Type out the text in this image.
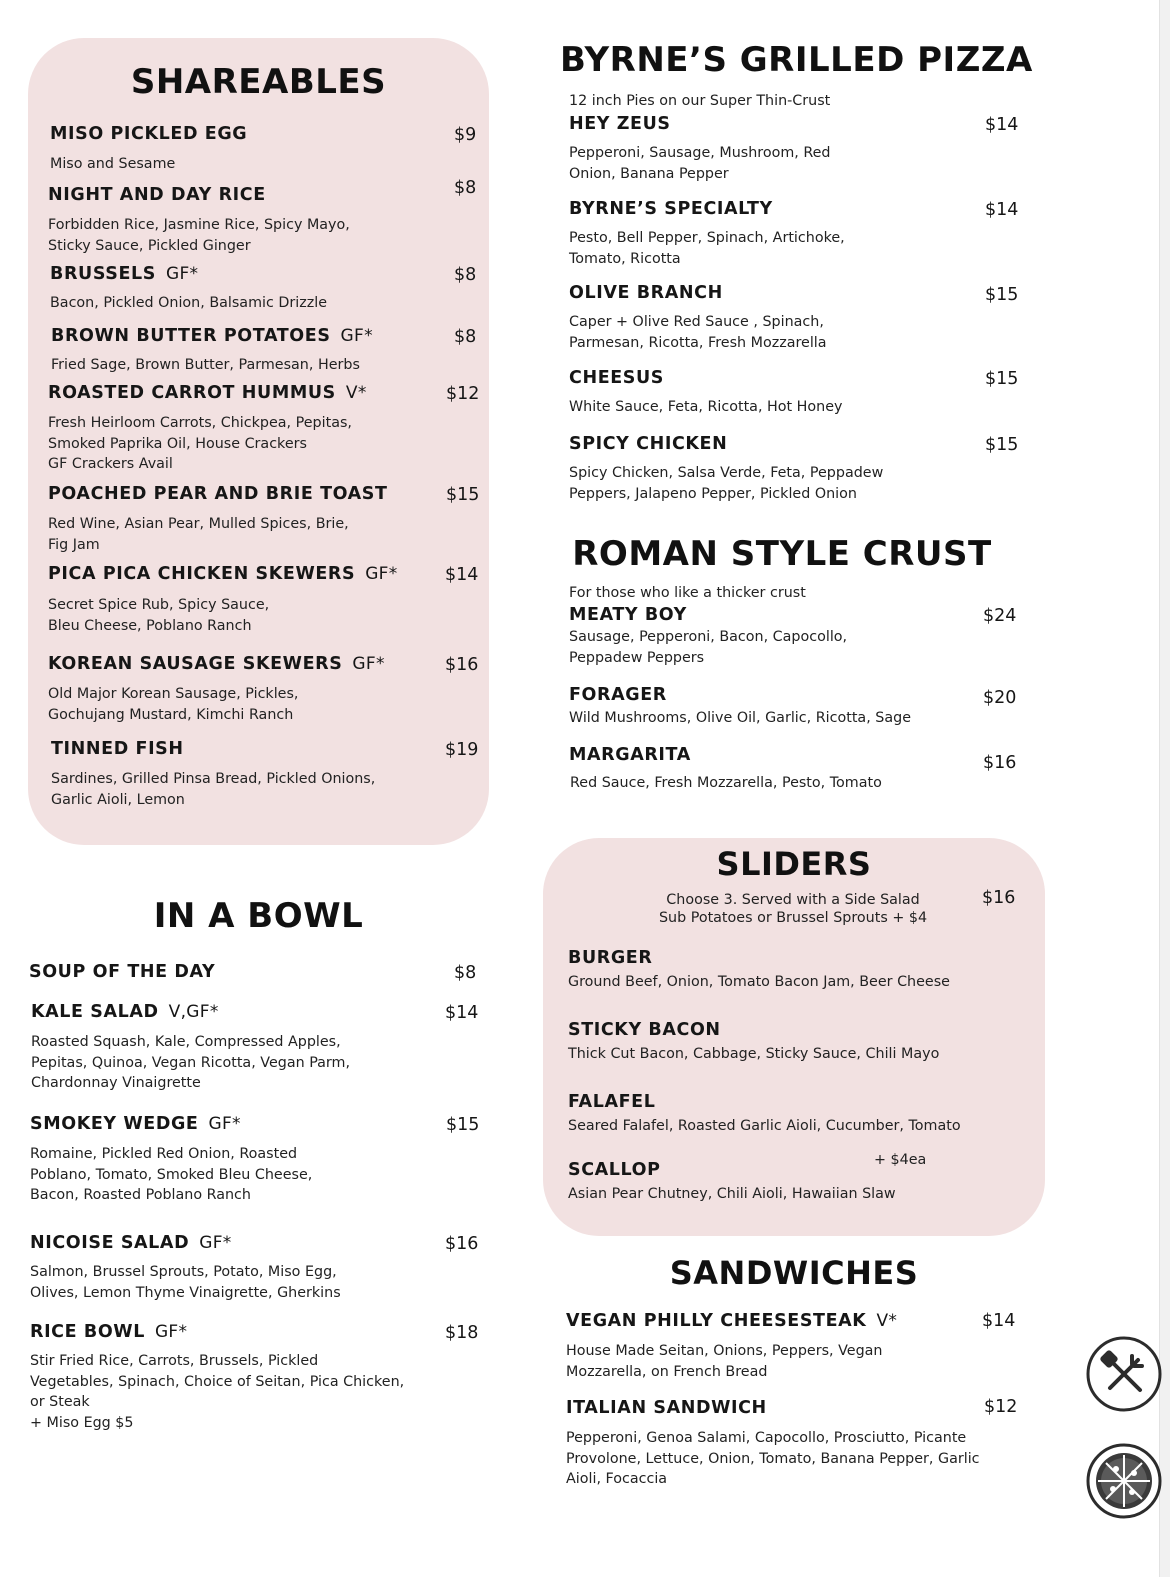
SHAREABLES
IN A BOWL
BYRNE’S GRILLED PIZZA
ROMAN STYLE CRUST
SLIDERS
SANDWICHES
12 inch Pies on our Super Thin-Crust
For those who like a thicker crust
Choose 3. Served with a Side Salad
Sub Potatoes or Brussel Sprouts + $4
$16
MISO PICKLED EGG	$9
Miso and Sesame
NIGHT AND DAY RICE	$8
Forbidden Rice, Jasmine Rice, Spicy Mayo,
Sticky Sauce, Pickled Ginger
BRUSSELS GF*	$8
Bacon, Pickled Onion, Balsamic Drizzle
BROWN BUTTER POTATOES GF*	$8
Fried Sage, Brown Butter, Parmesan, Herbs
ROASTED CARROT HUMMUS V*	$12
Fresh Heirloom Carrots, Chickpea, Pepitas,
Smoked Paprika Oil, House Crackers
GF Crackers Avail
POACHED PEAR AND BRIE TOAST	$15
Red Wine, Asian Pear, Mulled Spices, Brie,
Fig Jam
PICA PICA CHICKEN SKEWERS GF*	$14
Secret Spice Rub, Spicy Sauce,
Bleu Cheese, Poblano Ranch
KOREAN SAUSAGE SKEWERS GF*	$16
Old Major Korean Sausage, Pickles,
Gochujang Mustard, Kimchi Ranch
TINNED FISH	$19
Sardines, Grilled Pinsa Bread, Pickled Onions,
Garlic Aioli, Lemon
SOUP OF THE DAY	$8
KALE SALAD V,GF*	$14
Roasted Squash, Kale, Compressed Apples,
Pepitas, Quinoa, Vegan Ricotta, Vegan Parm,
Chardonnay Vinaigrette
SMOKEY WEDGE GF*	$15
Romaine, Pickled Red Onion, Roasted
Poblano, Tomato, Smoked Bleu Cheese,
Bacon, Roasted Poblano Ranch
NICOISE SALAD GF*	$16
Salmon, Brussel Sprouts, Potato, Miso Egg,
Olives, Lemon Thyme Vinaigrette, Gherkins
RICE BOWL GF*	$18
Stir Fried Rice, Carrots, Brussels, Pickled
Vegetables, Spinach, Choice of Seitan, Pica Chicken,
or Steak
+ Miso Egg $5
HEY ZEUS	$14
Pepperoni, Sausage, Mushroom, Red
Onion, Banana Pepper
BYRNE’S SPECIALTY	$14
Pesto, Bell Pepper, Spinach, Artichoke,
Tomato, Ricotta
OLIVE BRANCH	$15
Caper + Olive Red Sauce , Spinach,
Parmesan, Ricotta, Fresh Mozzarella
CHEESUS	$15
White Sauce, Feta, Ricotta, Hot Honey
SPICY CHICKEN	$15
Spicy Chicken, Salsa Verde, Feta, Peppadew
Peppers, Jalapeno Pepper, Pickled Onion
MEATY BOY	$24
Sausage, Pepperoni, Bacon, Capocollo,
Peppadew Peppers
FORAGER	$20
Wild Mushrooms, Olive Oil, Garlic, Ricotta, Sage
MARGARITA	$16
Red Sauce, Fresh Mozzarella, Pesto, Tomato
BURGER
Ground Beef, Onion, Tomato Bacon Jam, Beer Cheese
STICKY BACON
Thick Cut Bacon, Cabbage, Sticky Sauce, Chili Mayo
FALAFEL
Seared Falafel, Roasted Garlic Aioli, Cucumber, Tomato
SCALLOP	+ $4ea
Asian Pear Chutney, Chili Aioli, Hawaiian Slaw
VEGAN PHILLY CHEESESTEAK V*	$14
House Made Seitan, Onions, Peppers, Vegan
Mozzarella, on French Bread
ITALIAN SANDWICH	$12
Pepperoni, Genoa Salami, Capocollo, Prosciutto, Picante
Provolone, Lettuce, Onion, Tomato, Banana Pepper, Garlic
Aioli, Focaccia
